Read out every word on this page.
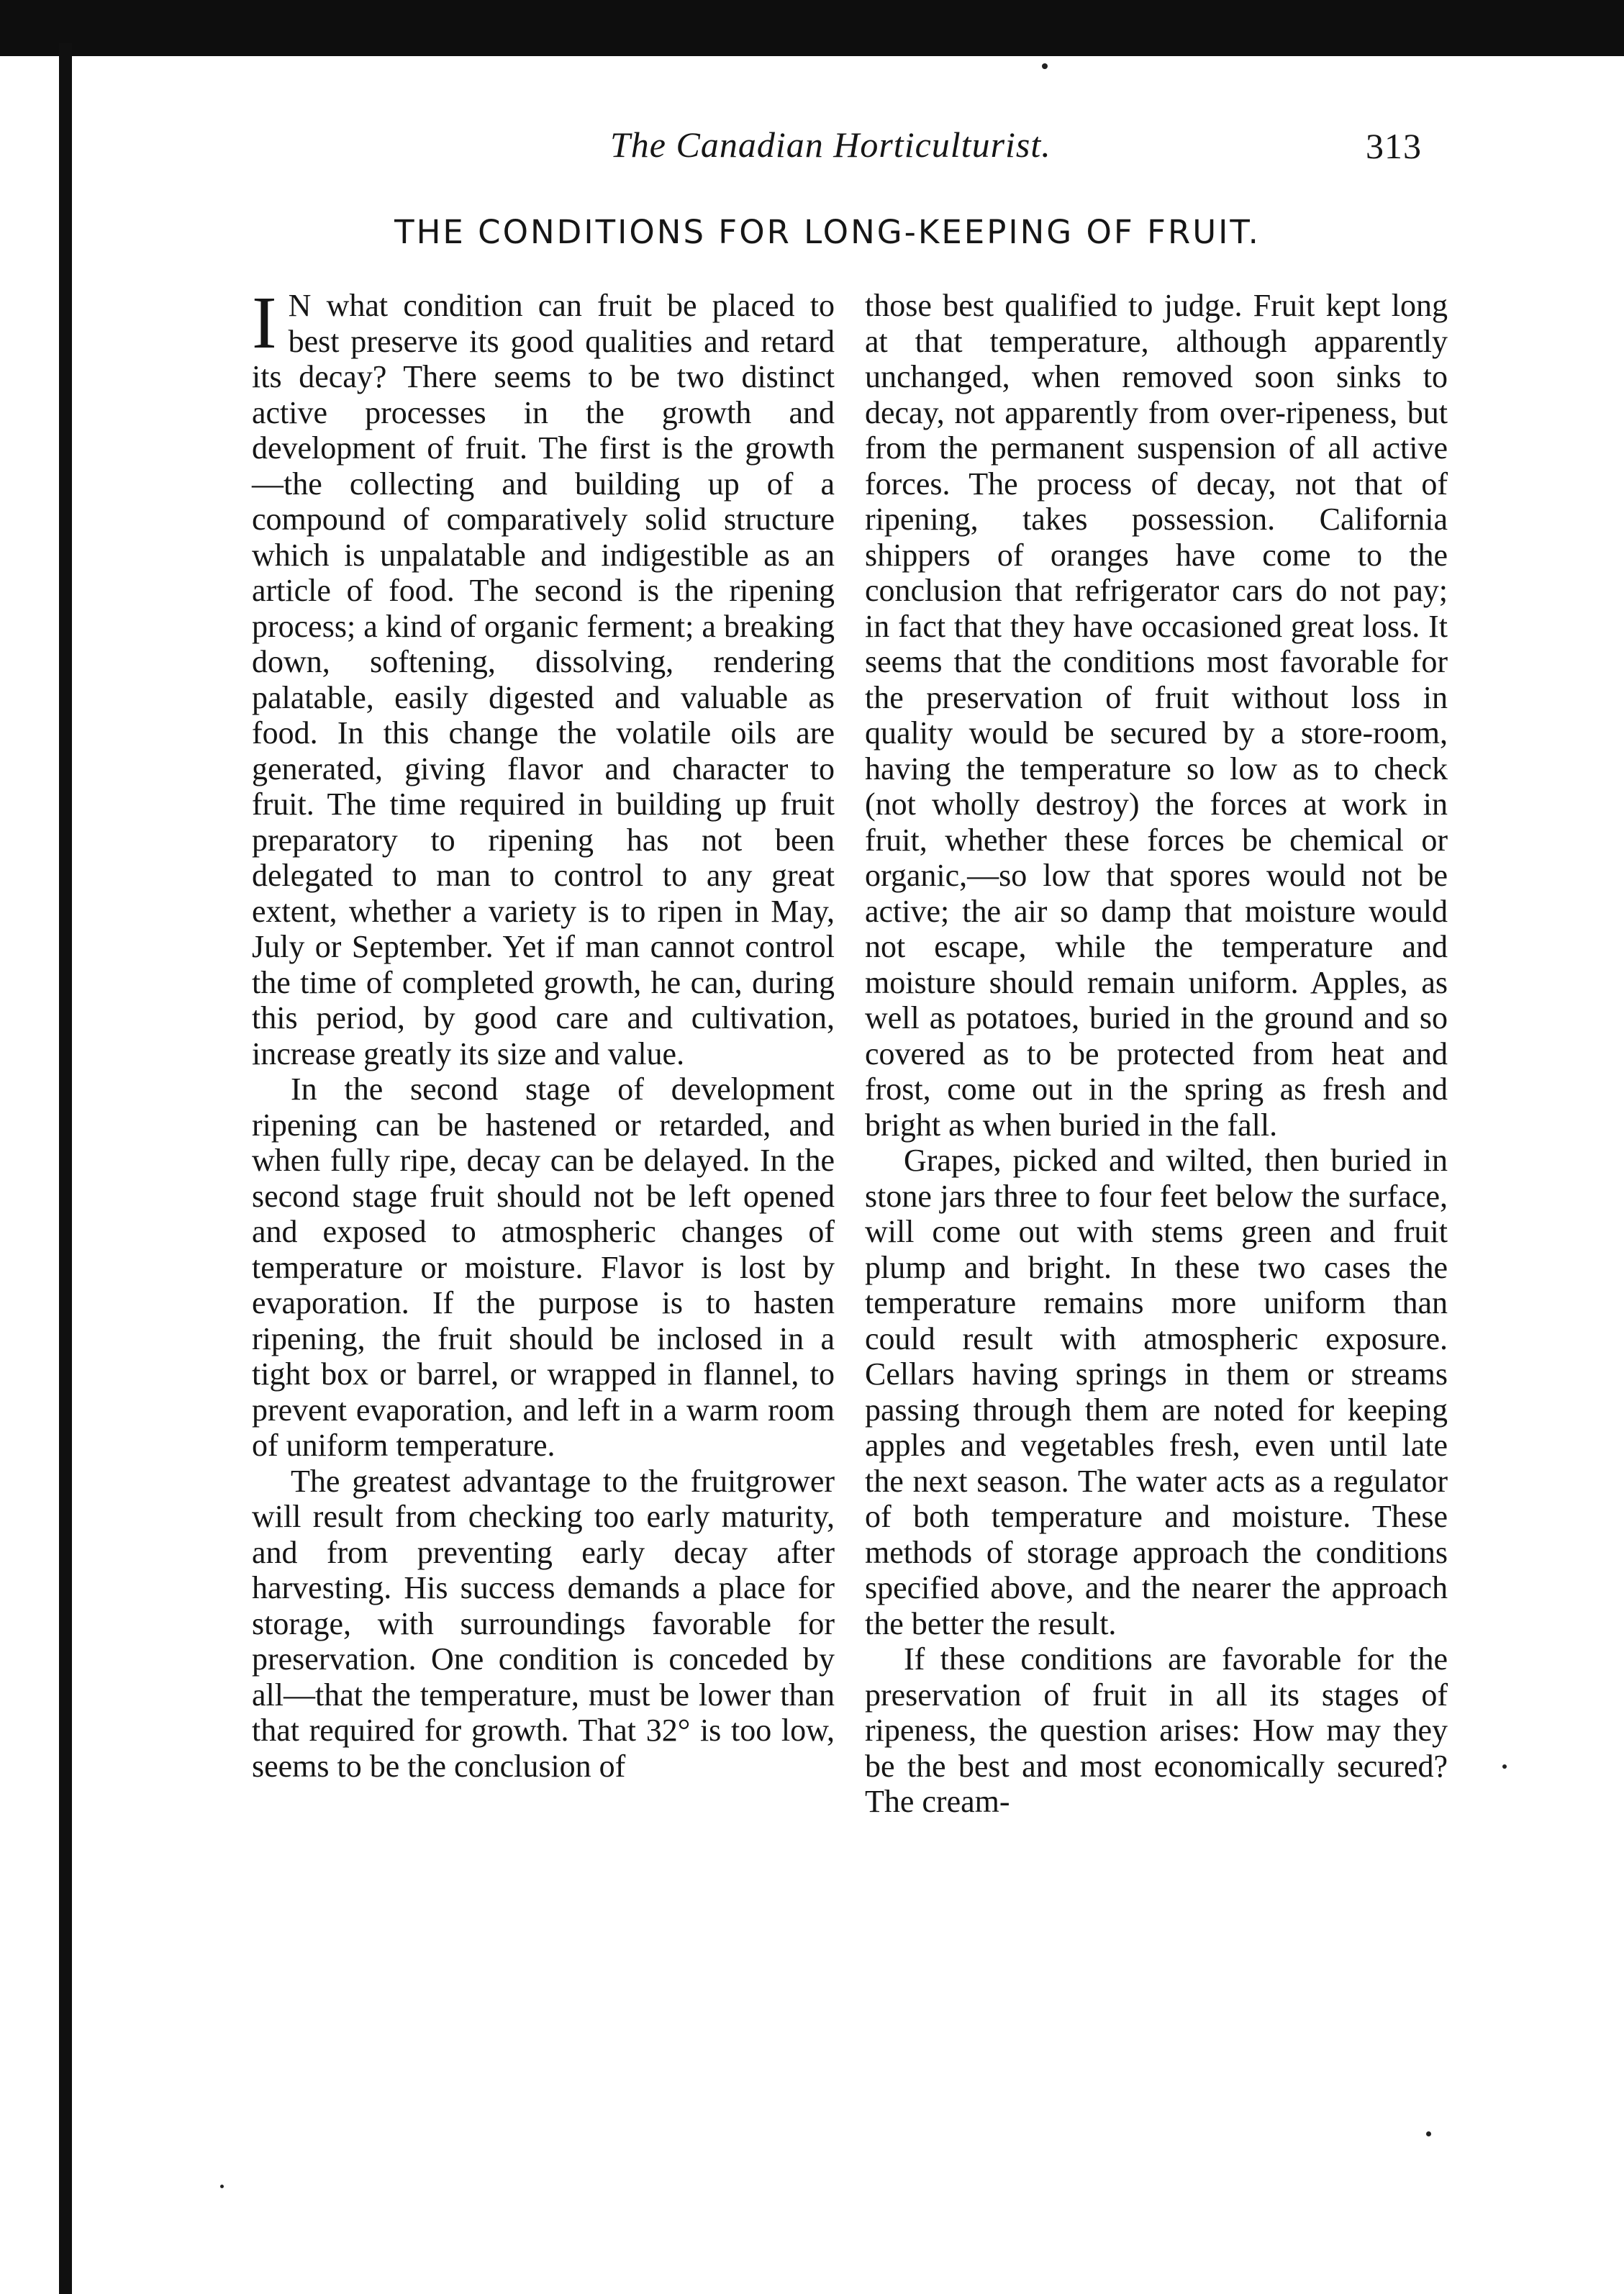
The Canadian Horticulturist.	313
THE CONDITIONS FOR LONG-KEEPING OF FRUIT.

I N what condition can fruit be placed to best preserve its good qualities and retard its decay? There seems to be two distinct active processes in the growth and development of fruit. The first is the growth —the collecting and building up of a compound of comparatively solid structure which is unpalatable and indigestible as an article of food. The second is the ripening process; a kind of organic ferment; a breaking down, softening, dissolving, rendering palatable, easily digested and valuable as food. In this change the volatile oils are generated, giving flavor and character to fruit. The time required in building up fruit preparatory to ripening has not been delegated to man to control to any great extent, whether a variety is to ripen in May, July or September. Yet if man cannot control the time of completed growth, he can, during this period, by good care and cultivation, increase greatly its size and value.

In the second stage of development ripening can be hastened or retarded, and when fully ripe, decay can be delayed. In the second stage fruit should not be left opened and exposed to atmospheric changes of temperature or moisture. Flavor is lost by evaporation. If the purpose is to hasten ripening, the fruit should be inclosed in a tight box or barrel, or wrapped in flannel, to prevent evaporation, and left in a warm room of uniform temperature.

The greatest advantage to the fruitgrower will result from checking too early maturity, and from preventing early decay after harvesting. His success demands a place for storage, with surroundings favorable for preservation. One condition is conceded by all—that the temperature, must be lower than that required for growth. That 32° is too low, seems to be the conclusion of

those best qualified to judge. Fruit kept long at that temperature, although apparently unchanged, when removed soon sinks to decay, not apparently from over-ripeness, but from the permanent suspension of all active forces. The process of decay, not that of ripening, takes possession. California shippers of oranges have come to the conclusion that refrigerator cars do not pay; in fact that they have occasioned great loss. It seems that the conditions most favorable for the preservation of fruit without loss in quality would be secured by a store-room, having the temperature so low as to check (not wholly destroy) the forces at work in fruit, whether these forces be chemical or organic,—so low that spores would not be active; the air so damp that moisture would not escape, while the temperature and moisture should remain uniform. Apples, as well as potatoes, buried in the ground and so covered as to be protected from heat and frost, come out in the spring as fresh and bright as when buried in the fall.

Grapes, picked and wilted, then buried in stone jars three to four feet below the surface, will come out with stems green and fruit plump and bright. In these two cases the temperature remains more uniform than could result with atmospheric exposure. Cellars having springs in them or streams passing through them are noted for keeping apples and vegetables fresh, even until late the next season. The water acts as a regulator of both temperature and moisture. These methods of storage approach the conditions specified above, and the nearer the approach the better the result.

If these conditions are favorable for the preservation of fruit in all its stages of ripeness, the question arises: How may they be the best and most economically secured? The cream-
